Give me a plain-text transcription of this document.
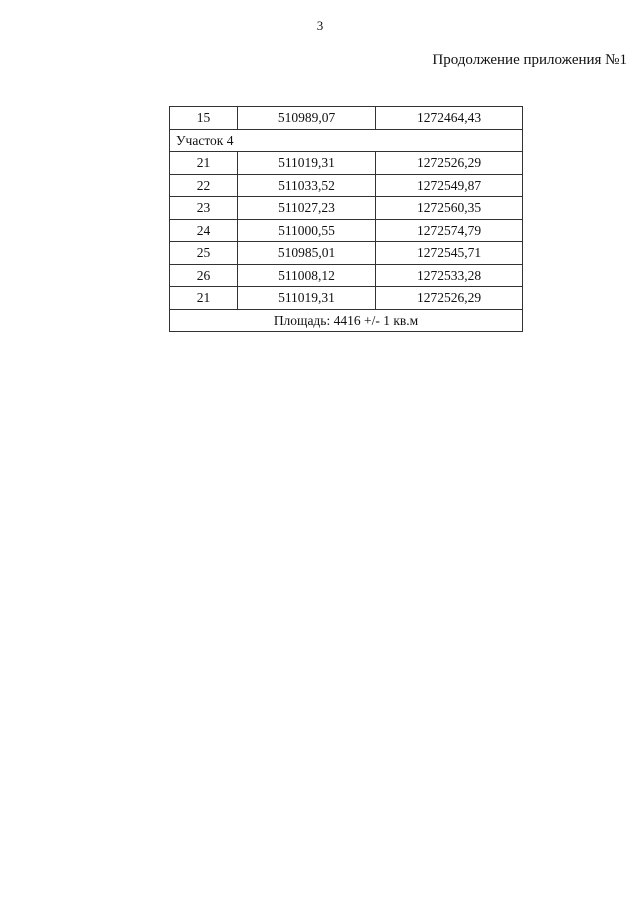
3
Продолжение приложения №1
15	510989,07	1272464,43
Участок 4		
21	511019,31	1272526,29
22	511033,52	1272549,87
23	511027,23	1272560,35
24	511000,55	1272574,79
25	510985,01	1272545,71
26	511008,12	1272533,28
21	511019,31	1272526,29
Площадь: 4416 +/- 1 кв.м		
